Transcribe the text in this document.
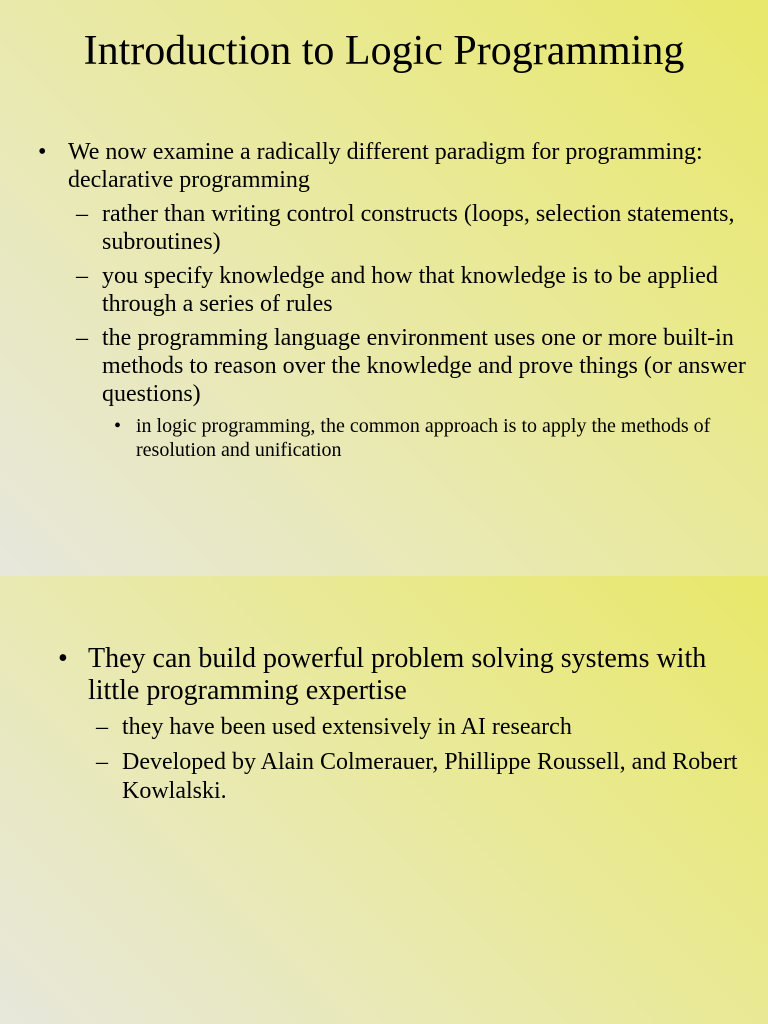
Introduction to Logic Programming
• We now examine a radically different paradigm for programming: declarative programming
– rather than writing control constructs (loops, selection statements, subroutines)
– you specify knowledge and how that knowledge is to be applied through a series of rules
– the programming language environment uses one or more built-in methods to reason over the knowledge and prove things (or answer questions)
• in logic programming, the common approach is to apply the methods of resolution and unification
• They can build powerful problem solving systems with little programming expertise
– they have been used extensively in AI research
– Developed by Alain Colmerauer, Phillippe Roussell, and Robert Kowlalski.
